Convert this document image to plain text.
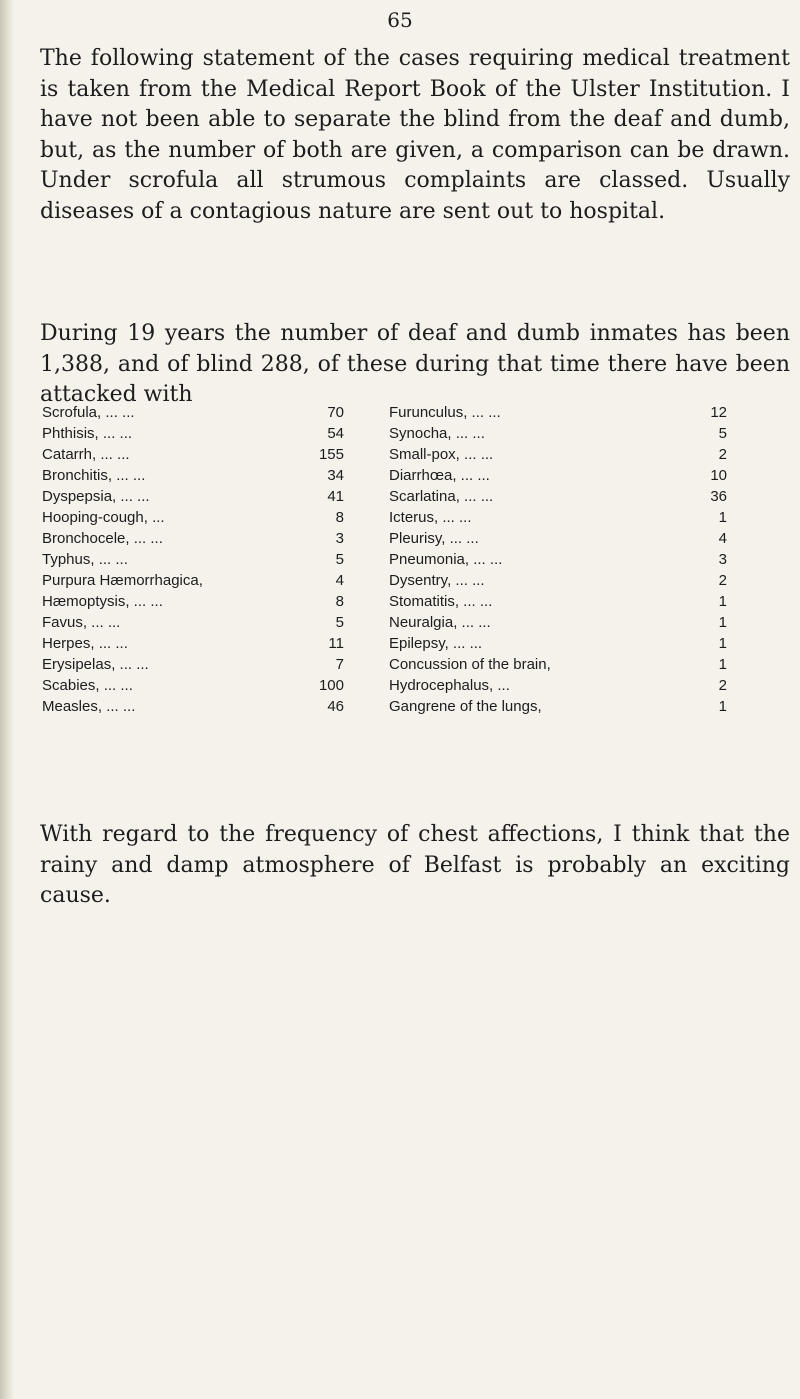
65

The following statement of the cases requiring medical treatment is taken from the Medical Report Book of the Ulster Institution. I have not been able to separate the blind from the deaf and dumb, but, as the number of both are given, a comparison can be drawn. Under scrofula all strumous complaints are classed. Usually diseases of a contagious nature are sent out to hospital.

During 19 years the number of deaf and dumb inmates has been 1,388, and of blind 288, of these during that time there have been attacked with

Scrofula, ... ...	70
Phthisis, ... ...	54
Catarrh, ... ...	155
Bronchitis, ... ...	34
Dyspepsia, ... ...	41
Hooping-cough, ...	8
Bronchocele, ... ...	3
Typhus, ... ...	5
Purpura Hæmorrhagica,	4
Hæmoptysis, ... ...	8
Favus, ... ...	5
Herpes, ... ...	11
Erysipelas, ... ...	7
Scabies, ... ...	100
Measles, ... ...	46
Furunculus, ... ...	12
Synocha, ... ...	5
Small-pox, ... ...	2
Diarrhœa, ... ...	10
Scarlatina, ... ...	36
Icterus, ... ...	1
Pleurisy, ... ...	4
Pneumonia, ... ...	3
Dysentry, ... ...	2
Stomatitis, ... ...	1
Neuralgia, ... ...	1
Epilepsy, ... ...	1
Concussion of the brain,	1
Hydrocephalus, ...	2
Gangrene of the lungs,	1

With regard to the frequency of chest affections, I think that the rainy and damp atmosphere of Belfast is probably an exciting cause.
